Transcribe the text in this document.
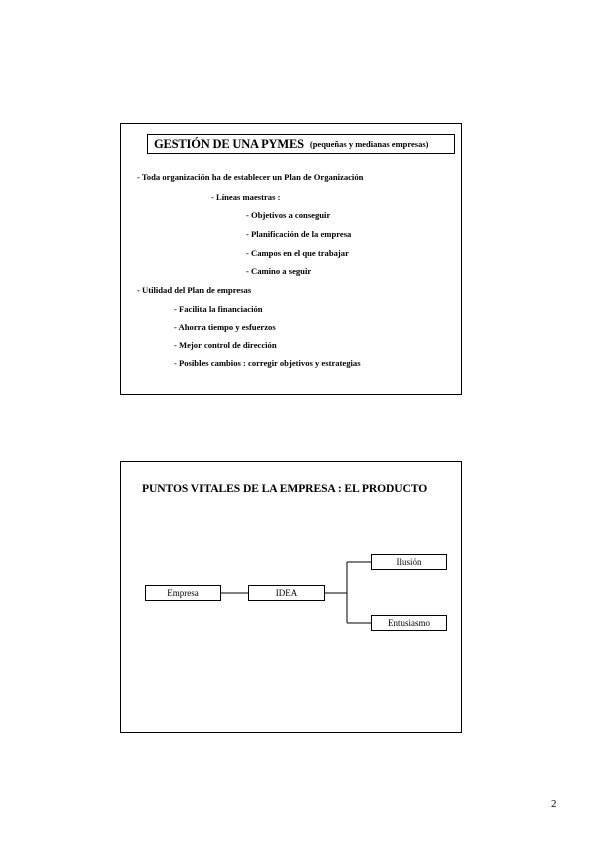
GESTIÓN DE UNA PYMES (pequeñas y medianas empresas)
- Toda organización ha de establecer un Plan de Organización
- Líneas maestras :
- Objetivos a conseguir
- Planificación de la empresa
- Campos en el que trabajar
- Camino a seguir
- Utilidad del Plan de empresas
- Facilita la financiación
- Ahorra tiempo y esfuerzos
- Mejor control de dirección
- Posibles cambios : corregir objetivos y estrategias
PUNTOS VITALES DE LA EMPRESA : EL PRODUCTO
Empresa	IDEA
Ilusión
Entusiasmo
2
